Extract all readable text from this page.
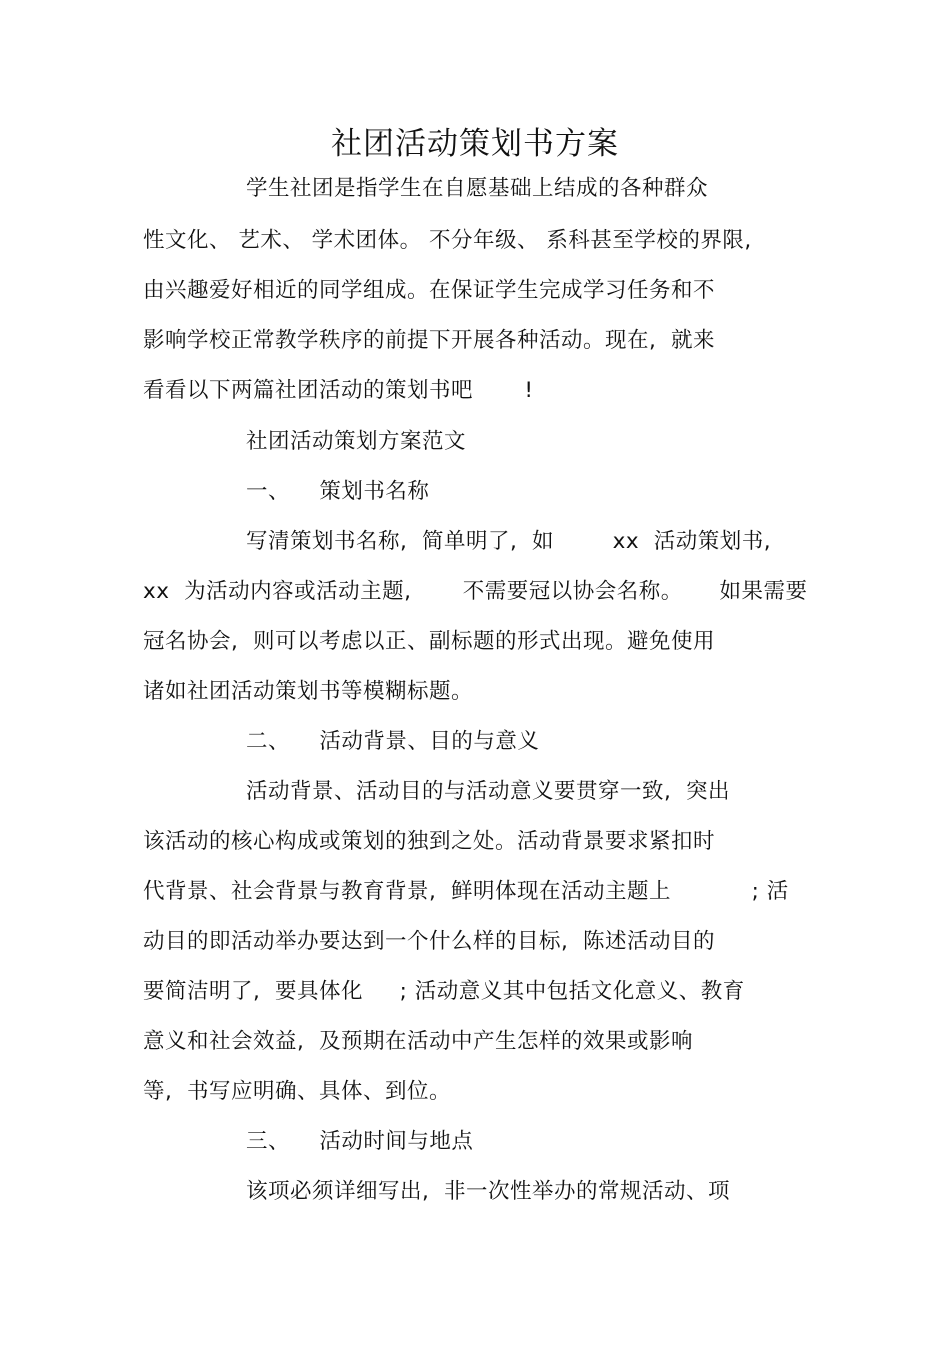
社团活动策划书方案
学生社团是指学生在自愿基础上结成的各种群众
性文化、 艺术、 学术团体。 不分年级、 系科甚至学校的界限,
由兴趣爱好相近的同学组成。在保证学生完成学习任务和不
影响学校正常教学秩序的前提下开展各种活动。现在,  就来
看看以下两篇社团活动的策划书吧       !
社团活动策划方案范文
一、    策划书名称
写清策划书名称,  简单明了,  如        xx  活动策划书,
xx  为活动内容或活动主题,       不需要冠以协会名称。     如果需要
冠名协会,  则可以考虑以正、副标题的形式出现。避免使用
诸如社团活动策划书等模糊标题。
二、    活动背景、目的与意义
活动背景、活动目的与活动意义要贯穿一致,  突出
该活动的核心构成或策划的独到之处。活动背景要求紧扣时
代背景、社会背景与教育背景,  鲜明体现在活动主题上           ; 活
动目的即活动举办要达到一个什么样的目标,  陈述活动目的
要简洁明了,  要具体化     ; 活动意义其中包括文化意义、教育
意义和社会效益,  及预期在活动中产生怎样的效果或影响
等,  书写应明确、具体、到位。
三、    活动时间与地点
该项必须详细写出,  非一次性举办的常规活动、项
